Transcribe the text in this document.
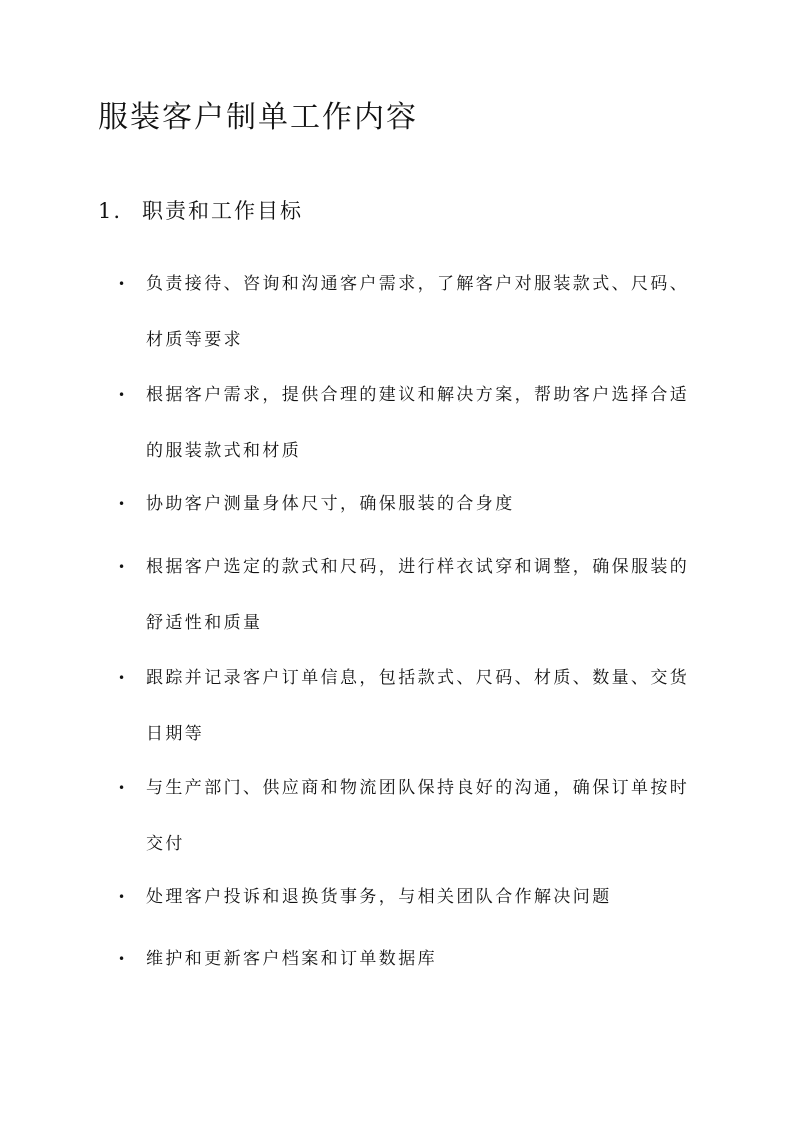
服装客户制单工作内容
1. 职责和工作目标
•	负责接待、咨询和沟通客户需求，了解客户对服装款式、尺码、材质等要求
•	根据客户需求，提供合理的建议和解决方案，帮助客户选择合适的服装款式和材质
•	协助客户测量身体尺寸，确保服装的合身度
•	根据客户选定的款式和尺码，进行样衣试穿和调整，确保服装的舒适性和质量
•	跟踪并记录客户订单信息，包括款式、尺码、材质、数量、交货日期等
•	与生产部门、供应商和物流团队保持良好的沟通，确保订单按时交付
•	处理客户投诉和退换货事务，与相关团队合作解决问题
•	维护和更新客户档案和订单数据库
